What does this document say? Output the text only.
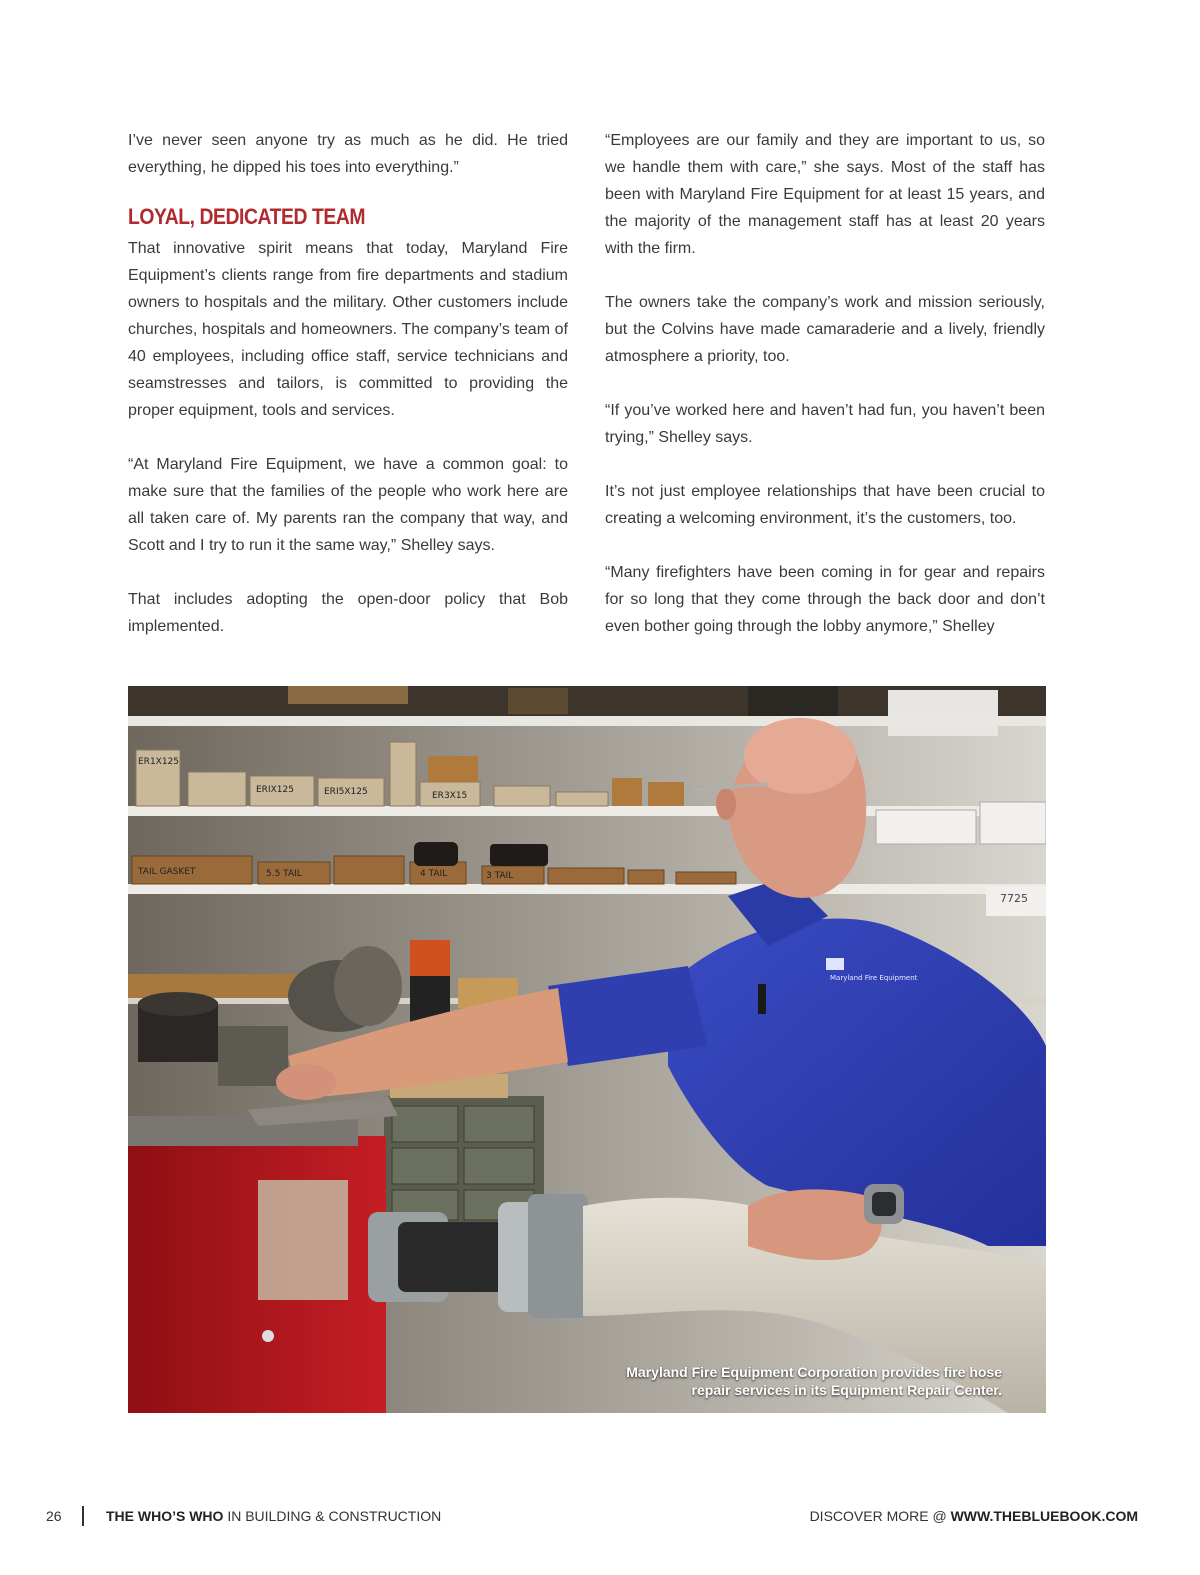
I’ve never seen anyone try as much as he did. He tried everything, he dipped his toes into everything.”

LOYAL, DEDICATED TEAM

That innovative spirit means that today, Maryland Fire Equipment’s clients range from fire departments and stadium owners to hospitals and the military. Other customers include churches, hospitals and homeowners. The company’s team of 40 employees, including office staff, service technicians and seamstresses and tailors, is committed to providing the proper equipment, tools and services.

“At Maryland Fire Equipment, we have a common goal: to make sure that the families of the people who work here are all taken care of. My parents ran the company that way, and Scott and I try to run it the same way,” Shelley says.

That includes adopting the open-door policy that Bob implemented.

“Employees are our family and they are important to us, so we handle them with care,” she says. Most of the staff has been with Maryland Fire Equipment for at least 15 years, and the majority of the management staff has at least 20 years with the firm.

The owners take the company’s work and mission seriously, but the Colvins have made camaraderie and a lively, friendly atmosphere a priority, too.

“If you’ve worked here and haven’t had fun, you haven’t been trying,” Shelley says.

It’s not just employee relationships that have been crucial to creating a welcoming environment, it’s the customers, too.

“Many firefighters have been coming in for gear and repairs for so long that they come through the back door and don’t even bother going through the lobby anymore,” Shelley

ER1X125
ERIX125	ERI5X125	ER3X15
TAIL GASKET	5.5 TAIL	4 TAIL	3 TAIL
7725
Maryland Fire Equipment
Maryland Fire Equipment Corporation provides fire hose repair services in its Equipment Repair Center.
26	THE WHO’S WHO IN BUILDING & CONSTRUCTION	DISCOVER MORE @ WWW.THEBLUEBOOK.COM
